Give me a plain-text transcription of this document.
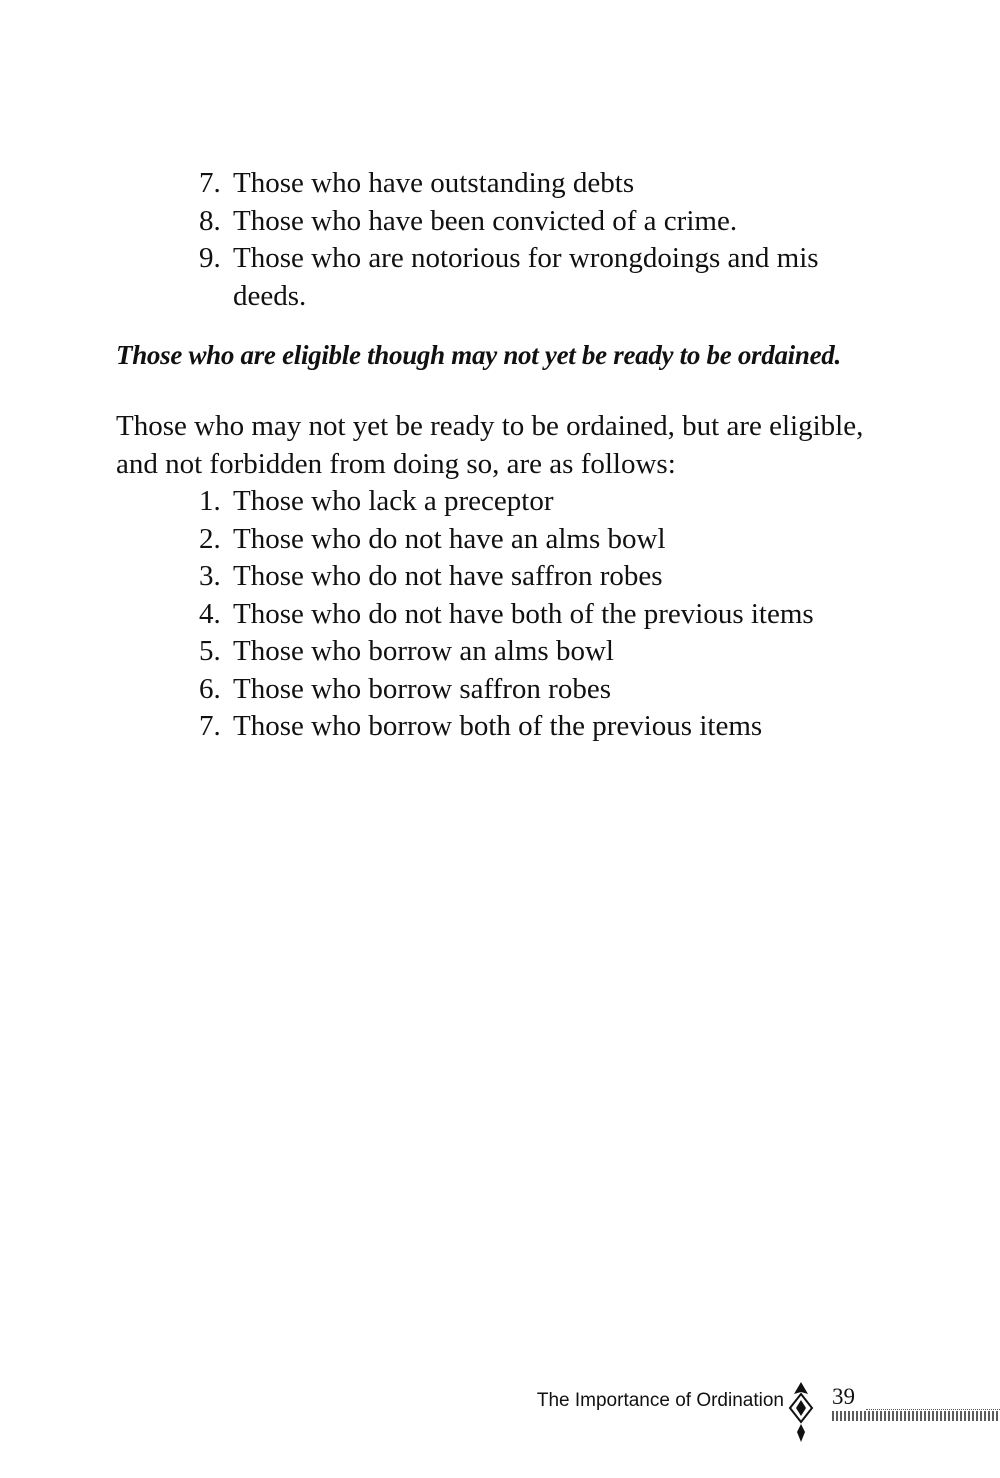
7. Those who have outstanding debts
8. Those who have been convicted of a crime.
9. Those who are notorious for wrongdoings and mis deeds.
Those who are eligible though may not yet be ready to be ordained.

Those who may not yet be ready to be ordained, but are eligible, and not forbidden from doing so, are as follows:

1. Those who lack a preceptor
2. Those who do not have an alms bowl
3. Those who do not have saffron robes
4. Those who do not have both of the previous items
5. Those who borrow an alms bowl
6. Those who borrow saffron robes
7. Those who borrow both of the previous items
The Importance of Ordination 39
